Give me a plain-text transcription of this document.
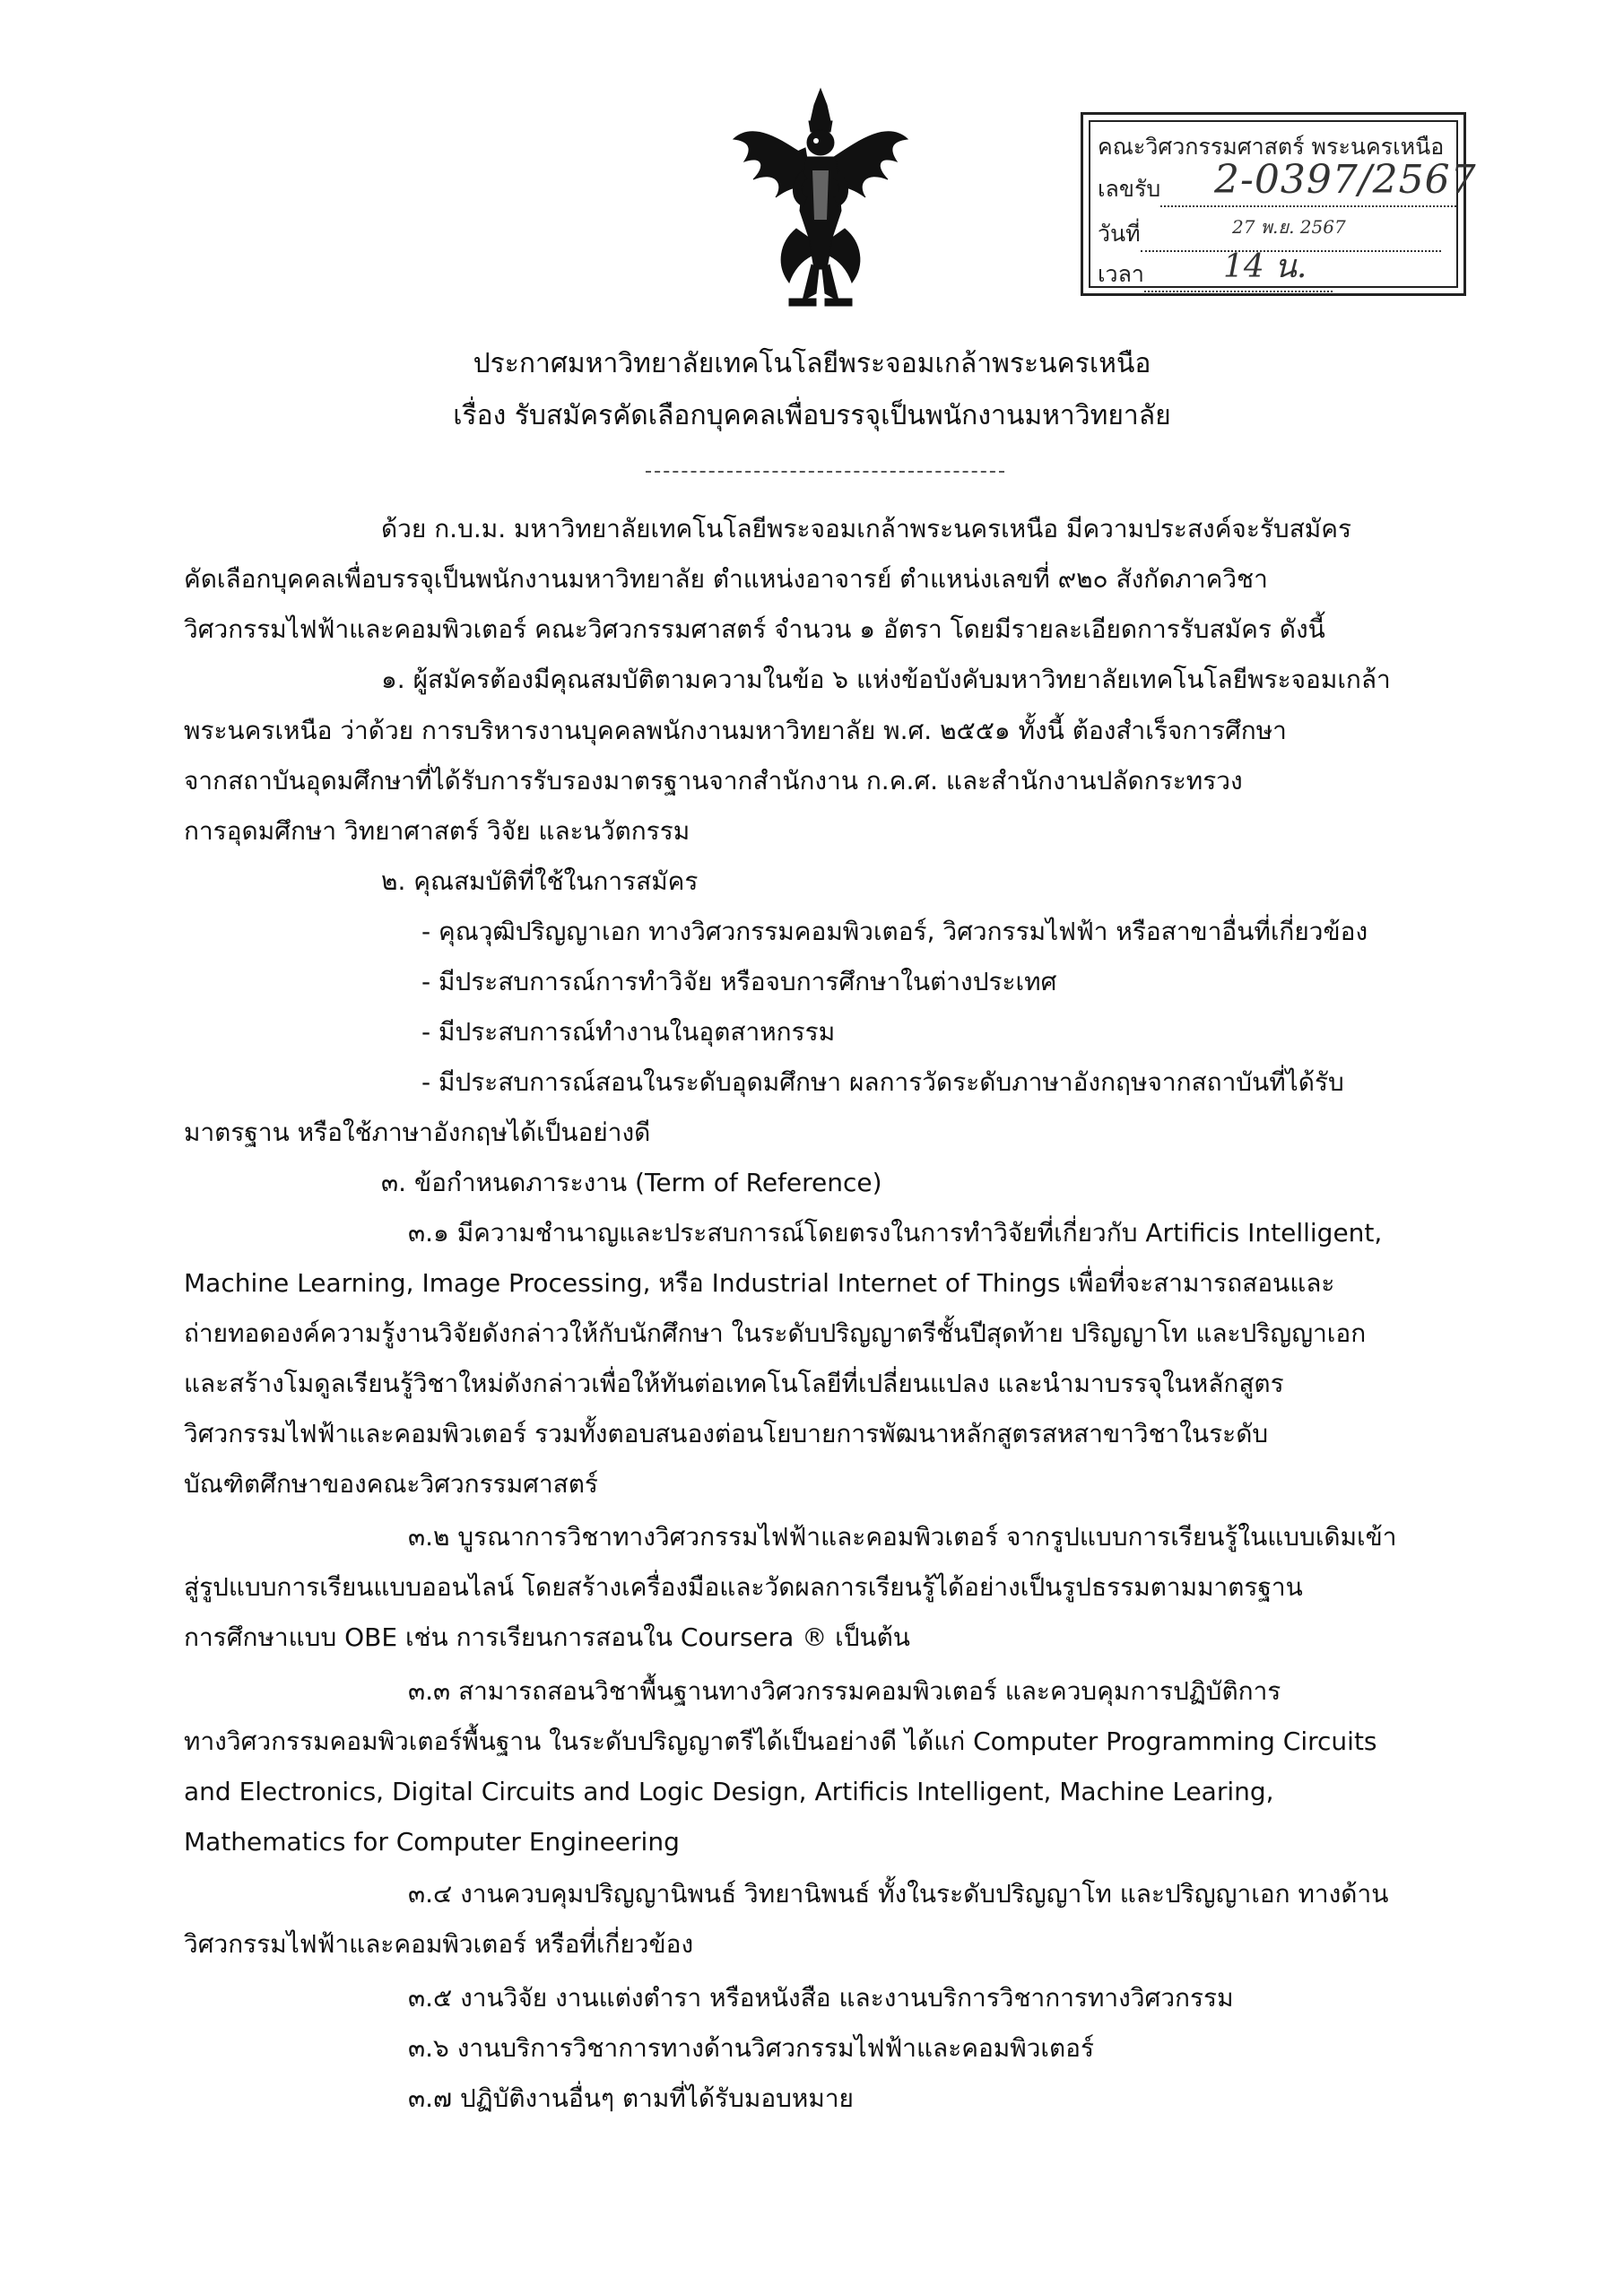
คณะวิศวกรรมศาสตร์ พระนครเหนือ
เลขรับ 2-0397/2567
วันที่	27 พ.ย. 2567
เวลา 14 น.
ประกาศมหาวิทยาลัยเทคโนโลยีพระจอมเกล้าพระนครเหนือ
เรื่อง รับสมัครคัดเลือกบุคคลเพื่อบรรจุเป็นพนักงานมหาวิทยาลัย
ด้วย ก.บ.ม. มหาวิทยาลัยเทคโนโลยีพระจอมเกล้าพระนครเหนือ มีความประสงค์จะรับสมัคร
คัดเลือกบุคคลเพื่อบรรจุเป็นพนักงานมหาวิทยาลัย ตำแหน่งอาจารย์ ตำแหน่งเลขที่ ๙๒๐ สังกัดภาควิชา
วิศวกรรมไฟฟ้าและคอมพิวเตอร์ คณะวิศวกรรมศาสตร์ จำนวน ๑ อัตรา โดยมีรายละเอียดการรับสมัคร ดังนี้
๑. ผู้สมัครต้องมีคุณสมบัติตามความในข้อ ๖ แห่งข้อบังคับมหาวิทยาลัยเทคโนโลยีพระจอมเกล้า
พระนครเหนือ ว่าด้วย การบริหารงานบุคคลพนักงานมหาวิทยาลัย พ.ศ. ๒๕๕๑ ทั้งนี้ ต้องสำเร็จการศึกษา
จากสถาบันอุดมศึกษาที่ได้รับการรับรองมาตรฐานจากสำนักงาน ก.ค.ศ. และสำนักงานปลัดกระทรวง
การอุดมศึกษา วิทยาศาสตร์ วิจัย และนวัตกรรม
๒. คุณสมบัติที่ใช้ในการสมัคร
- คุณวุฒิปริญญาเอก ทางวิศวกรรมคอมพิวเตอร์, วิศวกรรมไฟฟ้า หรือสาขาอื่นที่เกี่ยวข้อง
- มีประสบการณ์การทำวิจัย หรือจบการศึกษาในต่างประเทศ
- มีประสบการณ์ทำงานในอุตสาหกรรม
- มีประสบการณ์สอนในระดับอุดมศึกษา ผลการวัดระดับภาษาอังกฤษจากสถาบันที่ได้รับ
มาตรฐาน หรือใช้ภาษาอังกฤษได้เป็นอย่างดี
๓. ข้อกำหนดภาระงาน (Term of Reference)
๓.๑ มีความชำนาญและประสบการณ์โดยตรงในการทำวิจัยที่เกี่ยวกับ Artificis Intelligent,
Machine Learning, Image Processing, หรือ Industrial Internet of Things เพื่อที่จะสามารถสอนและ
ถ่ายทอดองค์ความรู้งานวิจัยดังกล่าวให้กับนักศึกษา ในระดับปริญญาตรีชั้นปีสุดท้าย ปริญญาโท และปริญญาเอก
และสร้างโมดูลเรียนรู้วิชาใหม่ดังกล่าวเพื่อให้ทันต่อเทคโนโลยีที่เปลี่ยนแปลง และนำมาบรรจุในหลักสูตร
วิศวกรรมไฟฟ้าและคอมพิวเตอร์ รวมทั้งตอบสนองต่อนโยบายการพัฒนาหลักสูตรสหสาขาวิชาในระดับ
บัณฑิตศึกษาของคณะวิศวกรรมศาสตร์
๓.๒ บูรณาการวิชาทางวิศวกรรมไฟฟ้าและคอมพิวเตอร์ จากรูปแบบการเรียนรู้ในแบบเดิมเข้า
สู่รูปแบบการเรียนแบบออนไลน์ โดยสร้างเครื่องมือและวัดผลการเรียนรู้ได้อย่างเป็นรูปธรรมตามมาตรฐาน
การศึกษาแบบ OBE เช่น การเรียนการสอนใน Coursera ® เป็นต้น
๓.๓ สามารถสอนวิชาพื้นฐานทางวิศวกรรมคอมพิวเตอร์ และควบคุมการปฏิบัติการ
ทางวิศวกรรมคอมพิวเตอร์พื้นฐาน ในระดับปริญญาตรีได้เป็นอย่างดี ได้แก่ Computer Programming Circuits
and Electronics, Digital Circuits and Logic Design, Artificis Intelligent, Machine Learing,
Mathematics for Computer Engineering
๓.๔ งานควบคุมปริญญานิพนธ์ วิทยานิพนธ์ ทั้งในระดับปริญญาโท และปริญญาเอก ทางด้าน
วิศวกรรมไฟฟ้าและคอมพิวเตอร์ หรือที่เกี่ยวข้อง
๓.๕ งานวิจัย งานแต่งตำรา หรือหนังสือ และงานบริการวิชาการทางวิศวกรรม
๓.๖ งานบริการวิชาการทางด้านวิศวกรรมไฟฟ้าและคอมพิวเตอร์
๓.๗ ปฏิบัติงานอื่นๆ ตามที่ได้รับมอบหมาย
